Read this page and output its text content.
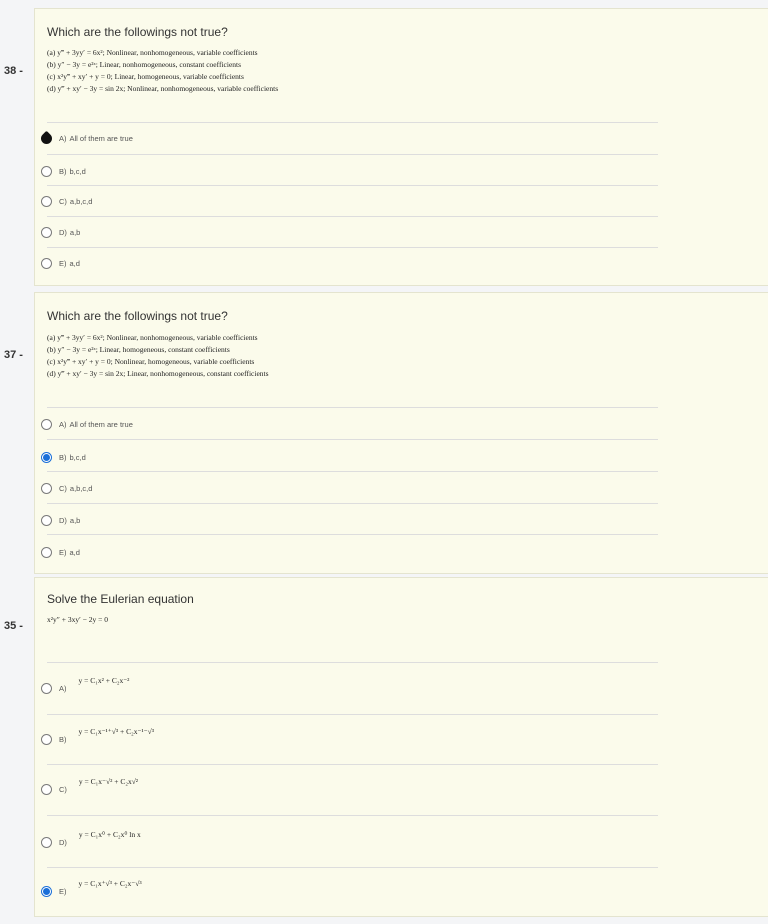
38 -
Which are the followings not true?
(a) y‴ + 3yy′ = 6x²; Nonlinear, nonhomogeneous, variable coefficients
(b) y″ − 3y = e²ˣ; Linear, nonhomogeneous, constant coefficients
(c) x²y‴ + xy′ + y = 0; Linear, homogeneous, variable coefficients
(d) y‴ + xy′ − 3y = sin 2x; Nonlinear, nonhomogeneous, variable coefficients
A) All of them are true
B) b,c,d
C) a,b,c,d
D) a,b
E) a,d
37 -
Which are the followings not true?
(a) y‴ + 3yy′ = 6x²; Nonlinear, nonhomogeneous, variable coefficients
(b) y″ − 3y = e²ˣ; Linear, homogeneous, constant coefficients
(c) x²y‴ + xy′ + y = 0; Nonlinear, homogeneous, variable coefficients
(d) y‴ + xy′ − 3y = sin 2x; Linear, nonhomogeneous, constant coefficients
A) All of them are true
B) b,c,d
C) a,b,c,d
D) a,b
E) a,d
35 -
Solve the Eulerian equation
x²y″ + 3xy′ − 2y = 0
A)
y = C₁x² + C₂x⁻²
B)
y = C₁x⁻¹⁺√³ + C₂x⁻¹⁻√³
C)
y = C₁x⁻√² + C₂x√²
D)
y = C₁x⁰ + C₂x⁰ ln x
E)
y = C₁x⁺√³ + C₂x⁻√³
